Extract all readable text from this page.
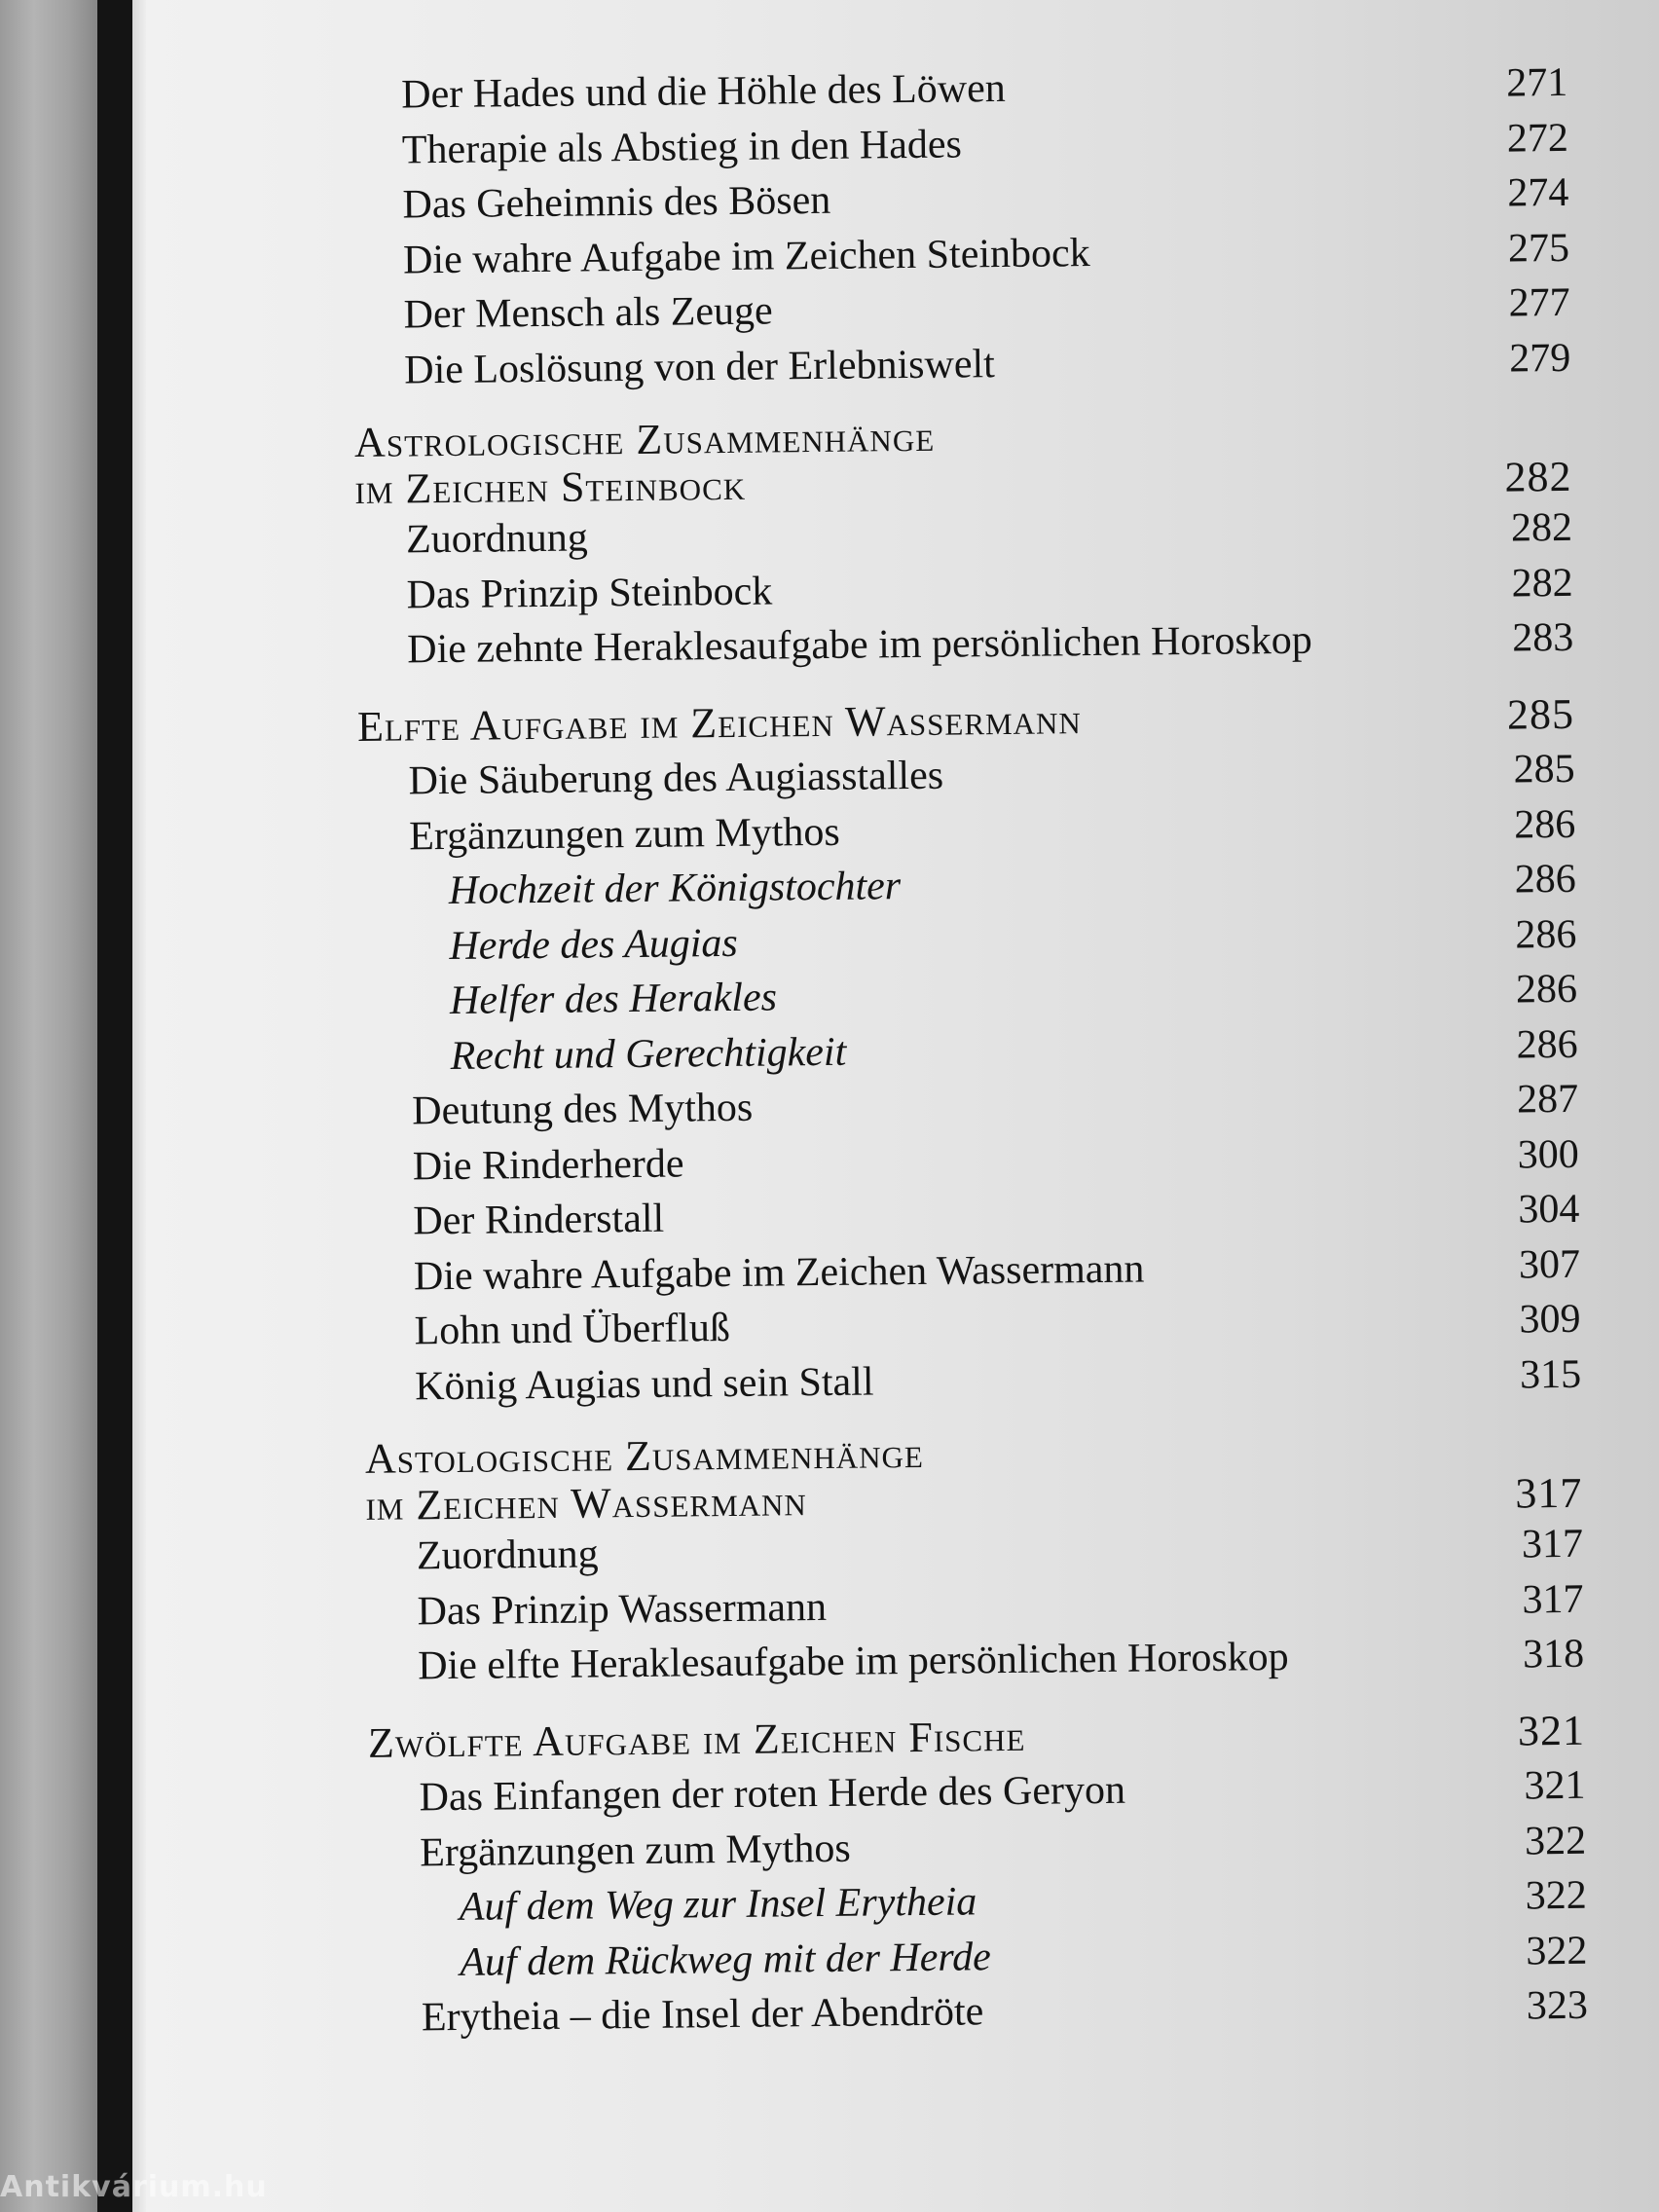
Der Hades und die Höhle des Löwen	271
Therapie als Abstieg in den Hades	272
Das Geheimnis des Bösen	274
Die wahre Aufgabe im Zeichen Steinbock	275
Der Mensch als Zeuge	277
Die Loslösung von der Erlebniswelt	279
Astrologische Zusammenhänge
im Zeichen Steinbock	282
Zuordnung	282
Das Prinzip Steinbock	282
Die zehnte Heraklesaufgabe im persönlichen Horoskop	283
Elfte Aufgabe im Zeichen Wassermann	285
Die Säuberung des Augiasstalles	285
Ergänzungen zum Mythos	286
Hochzeit der Königstochter	286
Herde des Augias	286
Helfer des Herakles	286
Recht und Gerechtigkeit	286
Deutung des Mythos	287
Die Rinderherde	300
Der Rinderstall	304
Die wahre Aufgabe im Zeichen Wassermann	307
Lohn und Überfluß	309
König Augias und sein Stall	315
Astologische Zusammenhänge
im Zeichen Wassermann	317
Zuordnung	317
Das Prinzip Wassermann	317
Die elfte Heraklesaufgabe im persönlichen Horoskop	318
Zwölfte Aufgabe im Zeichen Fische	321
Das Einfangen der roten Herde des Geryon	321
Ergänzungen zum Mythos	322
Auf dem Weg zur Insel Erytheia	322
Auf dem Rückweg mit der Herde	322
Erytheia – die Insel der Abendröte	323
Antikvárium.hu
